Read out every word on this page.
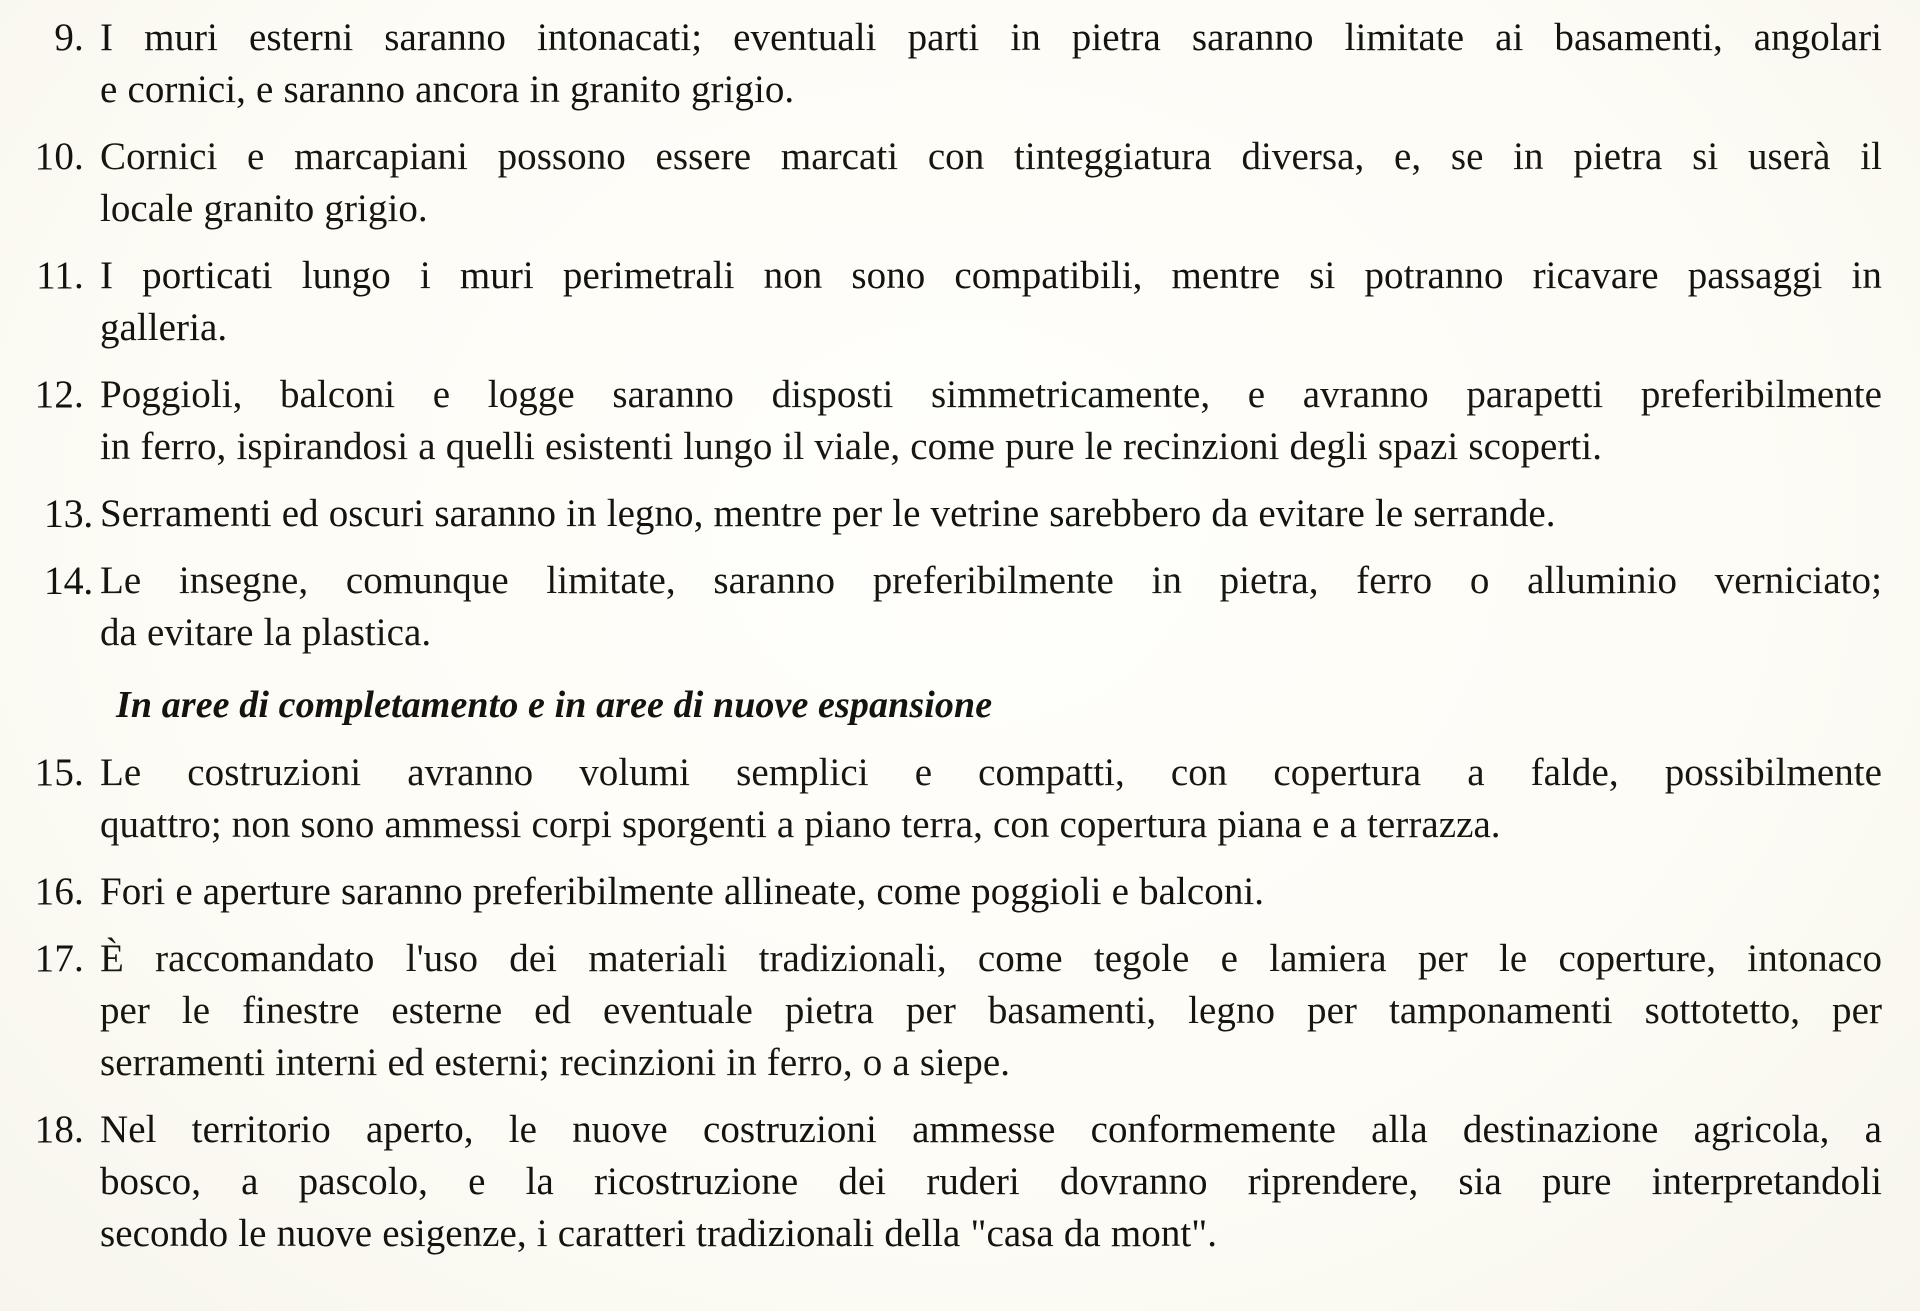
9. I muri esterni saranno intonacati; eventuali parti in pietra saranno limitate ai basamenti, angolari
e cornici, e saranno ancora in granito grigio.
10. Cornici e marcapiani possono essere marcati con tinteggiatura diversa, e, se in pietra si userà il
locale granito grigio.
11. I porticati lungo i muri perimetrali non sono compatibili, mentre si potranno ricavare passaggi in
galleria.
12. Poggioli, balconi e logge saranno disposti simmetricamente, e avranno parapetti preferibilmente
in ferro, ispirandosi a quelli esistenti lungo il viale, come pure le recinzioni degli spazi scoperti.
13. Serramenti ed oscuri saranno in legno, mentre per le vetrine sarebbero da evitare le serrande.
14. Le insegne, comunque limitate, saranno preferibilmente in pietra, ferro o alluminio verniciato;
da evitare la plastica.
In aree di completamento e in aree di nuove espansione
15. Le costruzioni avranno volumi semplici e compatti, con copertura a falde, possibilmente
quattro; non sono ammessi corpi sporgenti a piano terra, con copertura piana e a terrazza.
16. Fori e aperture saranno preferibilmente allineate, come poggioli e balconi.
17. È raccomandato l'uso dei materiali tradizionali, come tegole e lamiera per le coperture, intonaco
per le finestre esterne ed eventuale pietra per basamenti, legno per tamponamenti sottotetto, per
serramenti interni ed esterni; recinzioni in ferro, o a siepe.
18. Nel territorio aperto, le nuove costruzioni ammesse conformemente alla destinazione agricola, a
bosco, a pascolo, e la ricostruzione dei ruderi dovranno riprendere, sia pure interpretandoli
secondo le nuove esigenze, i caratteri tradizionali della "casa da mont".
